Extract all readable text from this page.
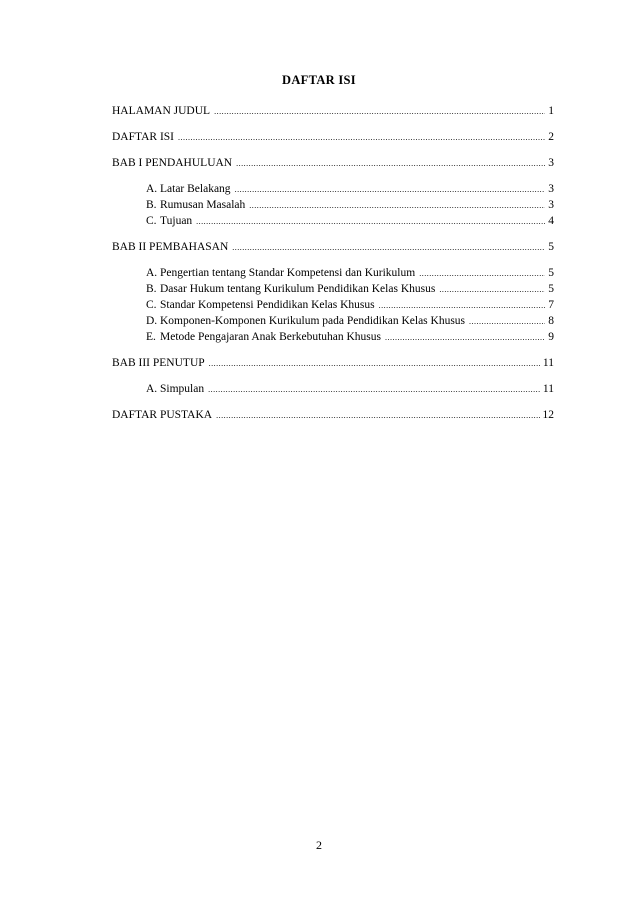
DAFTAR ISI
HALAMAN JUDUL .....	1
DAFTAR ISI .....	2
BAB I PENDAHULUAN .....	3
A. Latar Belakang .....	3
B. Rumusan Masalah .....	3
C. Tujuan .....	4
BAB II PEMBAHASAN .....	5
A. Pengertian tentang Standar Kompetensi dan Kurikulum .....	5
B. Dasar Hukum tentang Kurikulum Pendidikan Kelas Khusus .....	5
C. Standar Kompetensi Pendidikan Kelas Khusus .....	7
D. Komponen-Komponen Kurikulum pada Pendidikan Kelas Khusus .....	8
E. Metode Pengajaran Anak Berkebutuhan Khusus .....	9
BAB III PENUTUP .....	11
A. Simpulan .....	11
DAFTAR PUSTAKA .....	12
2
